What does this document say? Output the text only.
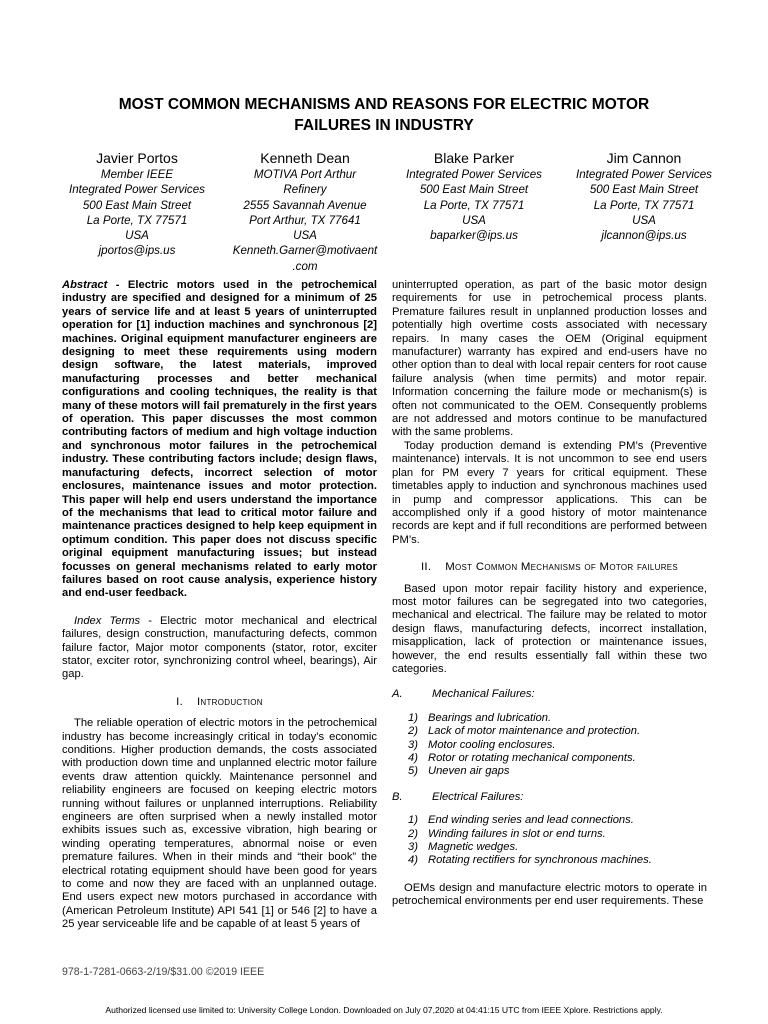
MOST COMMON MECHANISMS AND REASONS FOR ELECTRIC MOTOR
FAILURES IN INDUSTRY
Javier Portos
Member IEEE
Integrated Power Services
500 East Main Street
La Porte, TX 77571
USA
jportos@ips.us
Kenneth Dean
MOTIVA Port Arthur
Refinery
2555 Savannah Avenue
Port Arthur, TX 77641
USA
Kenneth.Garner@motivaent
.com
Blake Parker
Integrated Power Services
500 East Main Street
La Porte, TX 77571
USA
baparker@ips.us
Jim Cannon
Integrated Power Services
500 East Main Street
La Porte, TX 77571
USA
jlcannon@ips.us

Abstract - Electric motors used in the petrochemical industry are specified and designed for a minimum of 25 years of service life and at least 5 years of uninterrupted operation for [1] induction machines and synchronous [2] machines. Original equipment manufacturer engineers are designing to meet these requirements using modern design software, the latest materials, improved manufacturing processes and better mechanical configurations and cooling techniques, the reality is that many of these motors will fail prematurely in the first years of operation. This paper discusses the most common contributing factors of medium and high voltage induction and synchronous motor failures in the petrochemical industry. These contributing factors include; design flaws, manufacturing defects, incorrect selection of motor enclosures, maintenance issues and motor protection. This paper will help end users understand the importance of the mechanisms that lead to critical motor failure and maintenance practices designed to help keep equipment in optimum condition. This paper does not discuss specific original equipment manufacturing issues; but instead focusses on general mechanisms related to early motor failures based on root cause analysis, experience history and end-user feedback.

Index Terms - Electric motor mechanical and electrical failures, design construction, manufacturing defects, common failure factor, Major motor components (stator, rotor, exciter stator, exciter rotor, synchronizing control wheel, bearings), Air gap.

I. Introduction

The reliable operation of electric motors in the petrochemical industry has become increasingly critical in today’s economic conditions. Higher production demands, the costs associated with production down time and unplanned electric motor failure events draw attention quickly. Maintenance personnel and reliability engineers are focused on keeping electric motors running without failures or unplanned interruptions. Reliability engineers are often surprised when a newly installed motor exhibits issues such as, excessive vibration, high bearing or winding operating temperatures, abnormal noise or even premature failures. When in their minds and “their book” the electrical rotating equipment should have been good for years to come and now they are faced with an unplanned outage. End users expect new motors purchased in accordance with (American Petroleum Institute) API 541 [1] or 546 [2] to have a 25 year serviceable life and be capable of at least 5 years of

uninterrupted operation, as part of the basic motor design requirements for use in petrochemical process plants. Premature failures result in unplanned production losses and potentially high overtime costs associated with necessary repairs. In many cases the OEM (Original equipment manufacturer) warranty has expired and end-users have no other option than to deal with local repair centers for root cause failure analysis (when time permits) and motor repair. Information concerning the failure mode or mechanism(s) is often not communicated to the OEM. Consequently problems are not addressed and motors continue to be manufactured with the same problems.

Today production demand is extending PM’s (Preventive maintenance) intervals. It is not uncommon to see end users plan for PM every 7 years for critical equipment. These timetables apply to induction and synchronous machines used in pump and compressor applications. This can be accomplished only if a good history of motor maintenance records are kept and if full reconditions are performed between PM’s.

II. Most Common Mechanisms of Motor failures

Based upon motor repair facility history and experience, most motor failures can be segregated into two categories, mechanical and electrical. The failure may be related to motor design flaws, manufacturing defects, incorrect installation, misapplication, lack of protection or maintenance issues, however, the end results essentially fall within these two categories.

A.	Mechanical Failures:
1) Bearings and lubrication.
2) Lack of motor maintenance and protection.
3) Motor cooling enclosures.
4) Rotor or rotating mechanical components.
5) Uneven air gaps
B.	Electrical Failures:
1) End winding series and lead connections.
2) Winding failures in slot or end turns.
3) Magnetic wedges.
4) Rotating rectifiers for synchronous machines.

OEMs design and manufacture electric motors to operate in petrochemical environments per end user requirements. These

978-1-7281-0663-2/19/$31.00 ©2019 IEEE
Authorized licensed use limited to: University College London. Downloaded on July 07,2020 at 04:41:15 UTC from IEEE Xplore. Restrictions apply.
